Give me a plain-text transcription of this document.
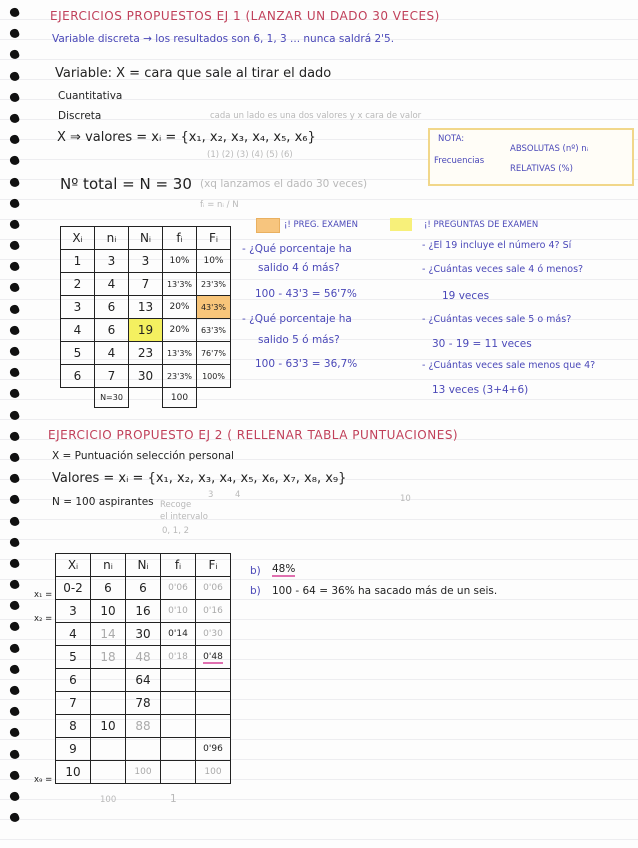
EJERCICIOS PROPUESTOS EJ 1 (LANZAR UN DADO 30 VECES)
Variable discreta → los resultados son 6, 1, 3 ... nunca saldrá 2'5.
Variable: X = cara que sale al tirar el dado
Cuantitativa
Discreta	cada un lado es una dos valores y x cara de valor
X ⇒ valores = xᵢ = {x₁, x₂, x₃, x₄, x₅, x₆}
(1) (2) (3) (4) (5) (6)
NOTA:
Frecuencias
ABSOLUTAS (nº) nᵢ
RELATIVAS (%)
Nº total = N = 30 (xq lanzamos el dado 30 veces)
fᵢ = nᵢ / N
Xᵢ	nᵢ	Nᵢ	fᵢ	Fᵢ
1	3	3	10%	10%
2	4	7	13'3%	23'3%
3	6	13	20%	43'3%
4	6	19	20%	63'3%
5	4	23	13'3%	76'7%
6	7	30	23'3%	100%
	N=30		100	
¡! PREG. EXAMEN
- ¿Qué porcentaje ha
salido 4 ó más?
100 - 43'3 = 56'7%
- ¿Qué porcentaje ha
salido 5 ó más?
100 - 63'3 = 36,7%
¡! PREGUNTAS DE EXAMEN
- ¿El 19 incluye el número 4? Sí
- ¿Cuántas veces sale 4 ó menos?
19 veces
- ¿Cuántas veces sale 5 o más?
30 - 19 = 11 veces
- ¿Cuántas veces sale menos que 4?
13 veces (3+4+6)
EJERCICIO PROPUESTO EJ 2 ( RELLENAR TABLA PUNTUACIONES)
X = Puntuación selección personal
Valores = xᵢ = {x₁, x₂, x₃, x₄, x₅, x₆, x₇, x₈, x₉}
3	4	10
N = 100 aspirantes Recoge
el intervalo
0, 1, 2
x₁ =
x₂ =
x₉ =
Xᵢ	nᵢ	Nᵢ	fᵢ	Fᵢ
0-2	6	6	0'06	0'06
3	10	16	0'10	0'16
4	14	30	0'14	0'30
5	18	48	0'18	0'48
6		64		
7		78		
8	10	88		
9				0'96
10		100		100
100	1
b) 48%
b) 100 - 64 = 36% ha sacado más de un seis.
